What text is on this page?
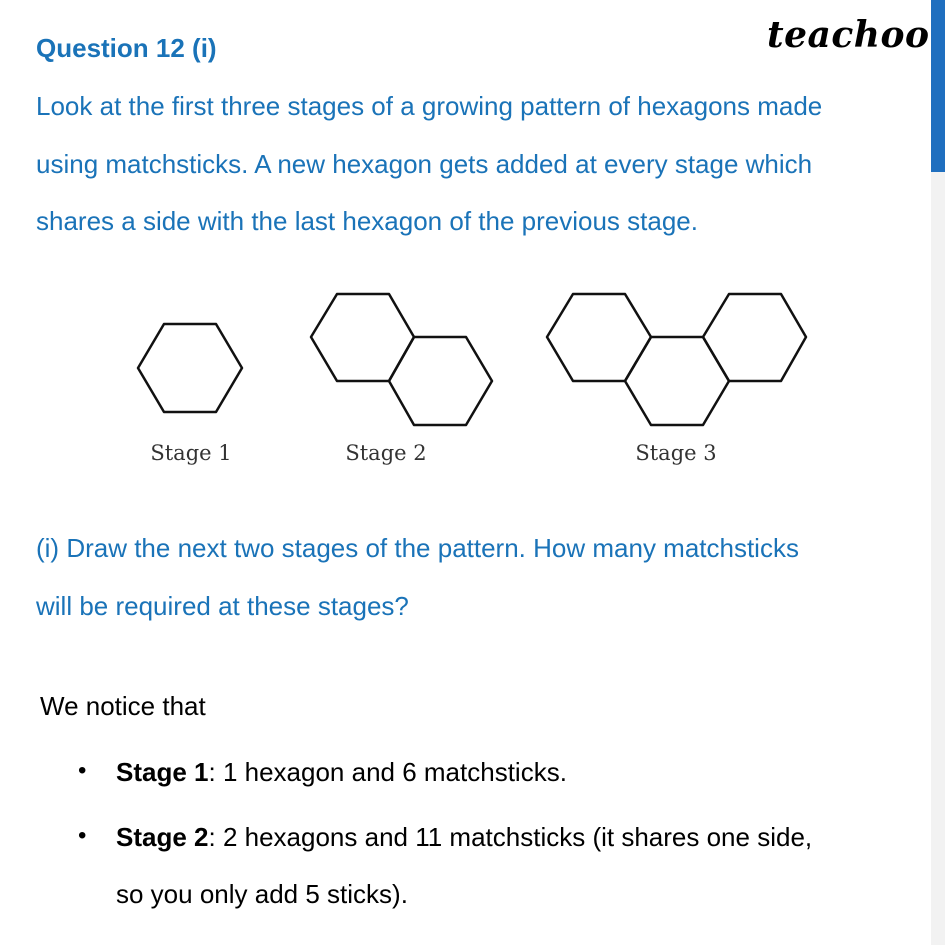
teachoo
Question 12 (i)
Look at the first three stages of a growing pattern of hexagons made
using matchsticks. A new hexagon gets added at every stage which
shares a side with the last hexagon of the previous stage.
Stage 1	Stage 2	Stage 3
(i) Draw the next two stages of the pattern. How many matchsticks
will be required at these stages?
We notice that
• Stage 1: 1 hexagon and 6 matchsticks.
• Stage 2: 2 hexagons and 11 matchsticks (it shares one side,
so you only add 5 sticks).
